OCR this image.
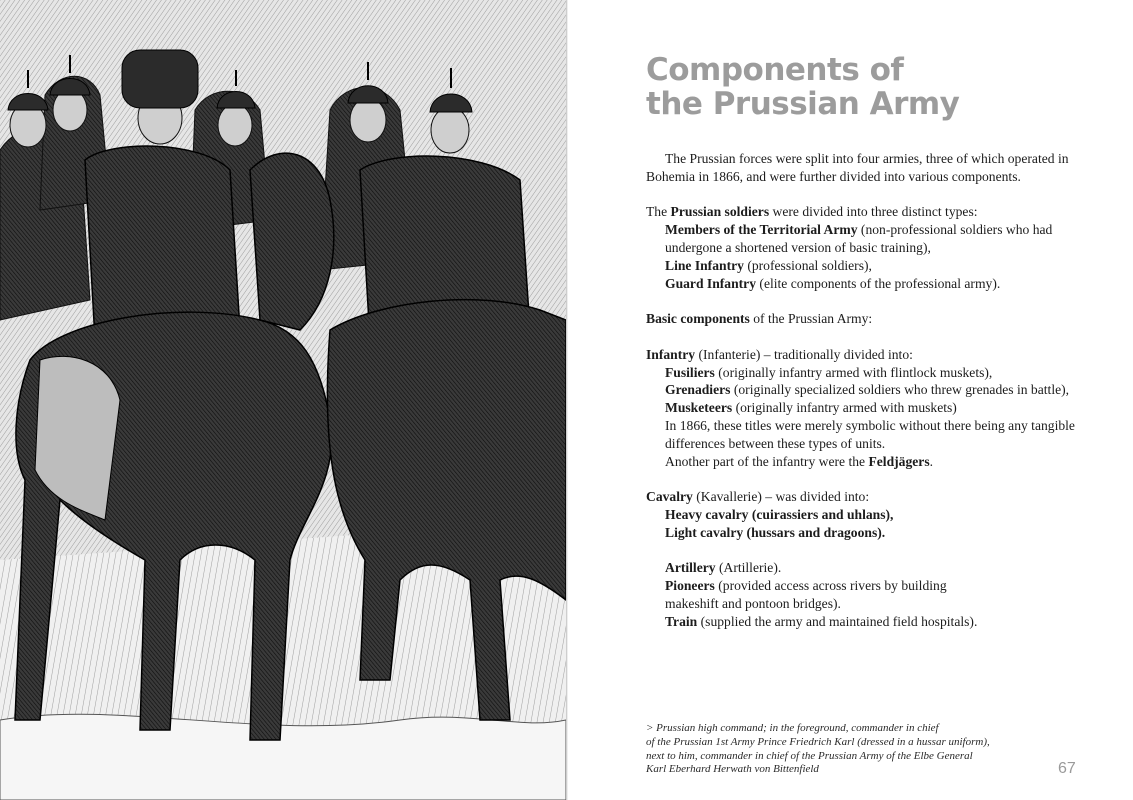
Components of
the Prussian Army

The Prussian forces were split into four armies, three of which operated in Bohemia in 1866, and were further divided into various components.

The Prussian soldiers were divided into three distinct types:

Members of the Territorial Army (non-professional soldiers who had undergone a shortened version of basic training),

Line Infantry (professional soldiers),

Guard Infantry (elite components of the professional army).

Basic components of the Prussian Army:

Infantry (Infanterie) – traditionally divided into:

Fusiliers (originally infantry armed with flintlock muskets),

Grenadiers (originally specialized soldiers who threw grenades in battle),

Musketeers (originally infantry armed with muskets)

In 1866, these titles were merely symbolic without there being any tangible differences between these types of units.

Another part of the infantry were the Feldjägers.

Cavalry (Kavallerie) – was divided into:

Heavy cavalry (cuirassiers and uhlans),

Light cavalry (hussars and dragoons).

Artillery (Artillerie).

Pioneers (provided access across rivers by building makeshift and pontoon bridges).

Train (supplied the army and maintained field hospitals).

> Prussian high command; in the foreground, commander in chief

of the Prussian 1st Army Prince Friedrich Karl (dressed in a hussar uniform),

next to him, commander in chief of the Prussian Army of the Elbe General

Karl Eberhard Herwath von Bittenfield	67
